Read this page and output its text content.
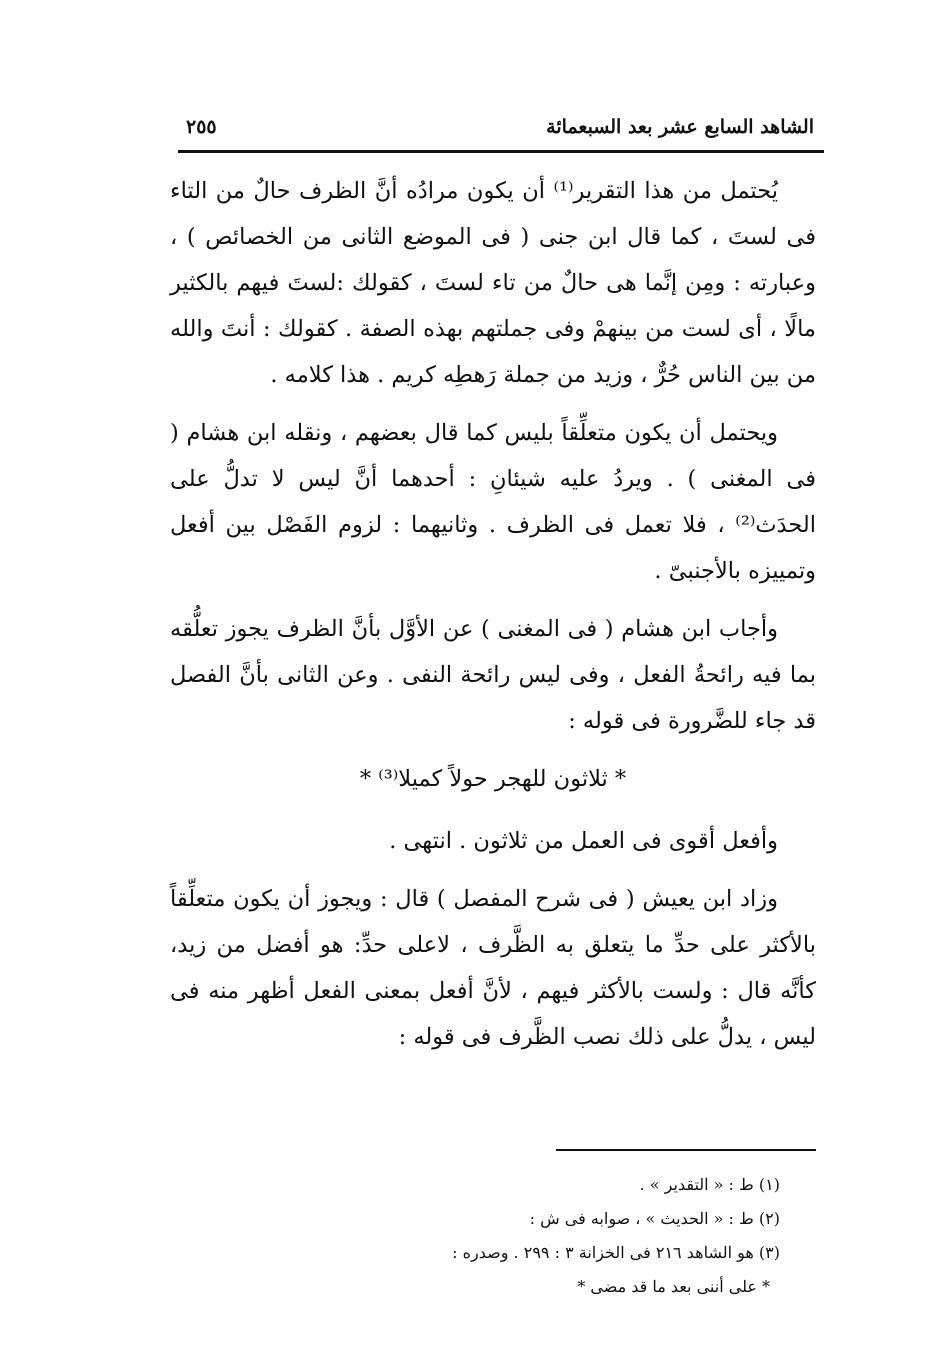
الشاهد السابع عشر بعد السبعمائة
٢٥٥

يُحتمل من هذا التقرير⁽¹⁾ أن يكون مرادُه أنَّ الظرف حالٌ من التاء فى لستَ ، كما قال ابن جنى ( فى الموضع الثانى من الخصائص ) ، وعبارته : ومِن إنَّما هى حالٌ من تاء لستَ ، كقولك :لستَ فيهم بالكثير مالًا ، أى لست من بينهمْ وفى جملتهم بهذه الصفة . كقولك : أنتَ والله من بين الناس حُرٌّ ، وزيد من جملة رَهطِه كريم . هذا كلامه .

ويحتمل أن يكون متعلِّقاً بليس كما قال بعضهم ، ونقله ابن هشام ( فى المغنى ) . ويردُ عليه شيئانِ : أحدهما أنَّ ليس لا تدلُّ على الحدَث⁽²⁾ ، فلا تعمل فى الظرف . وثانيهما : لزوم الفَصْل بين أفعل وتمييزه بالأجنبىّ .

وأجاب ابن هشام ( فى المغنى ) عن الأوَّل بأنَّ الظرف يجوز تعلُّقه بما فيه رائحةُ الفعل ، وفى ليس رائحة النفى . وعن الثانى بأنَّ الفصل قد جاء للضَّرورة فى قوله :

* ثلاثون للهجر حولاً كميلا⁽³⁾ *

وأفعل أقوى فى العمل من ثلاثون . انتهى .

وزاد ابن يعيش ( فى شرح المفصل ) قال : ويجوز أن يكون متعلِّقاً بالأكثر على حدِّ ما يتعلق به الظَّرف ، لاعلى حدِّ: هو أفضل من زيد، كأنَّه قال : ولست بالأكثر فيهم ، لأنَّ أفعل بمعنى الفعل أظهر منه فى ليس ، يدلُّ على ذلك نصب الظَّرف فى قوله :

(١) ط : « التقدير » .

(٢) ط : « الحديث » ، صوابه فى ش :

(٣) هو الشاهد ٢١٦ فى الخزانة ٣ : ٢٩٩ . وصدره :

* على أننى بعد ما قد مضى *
